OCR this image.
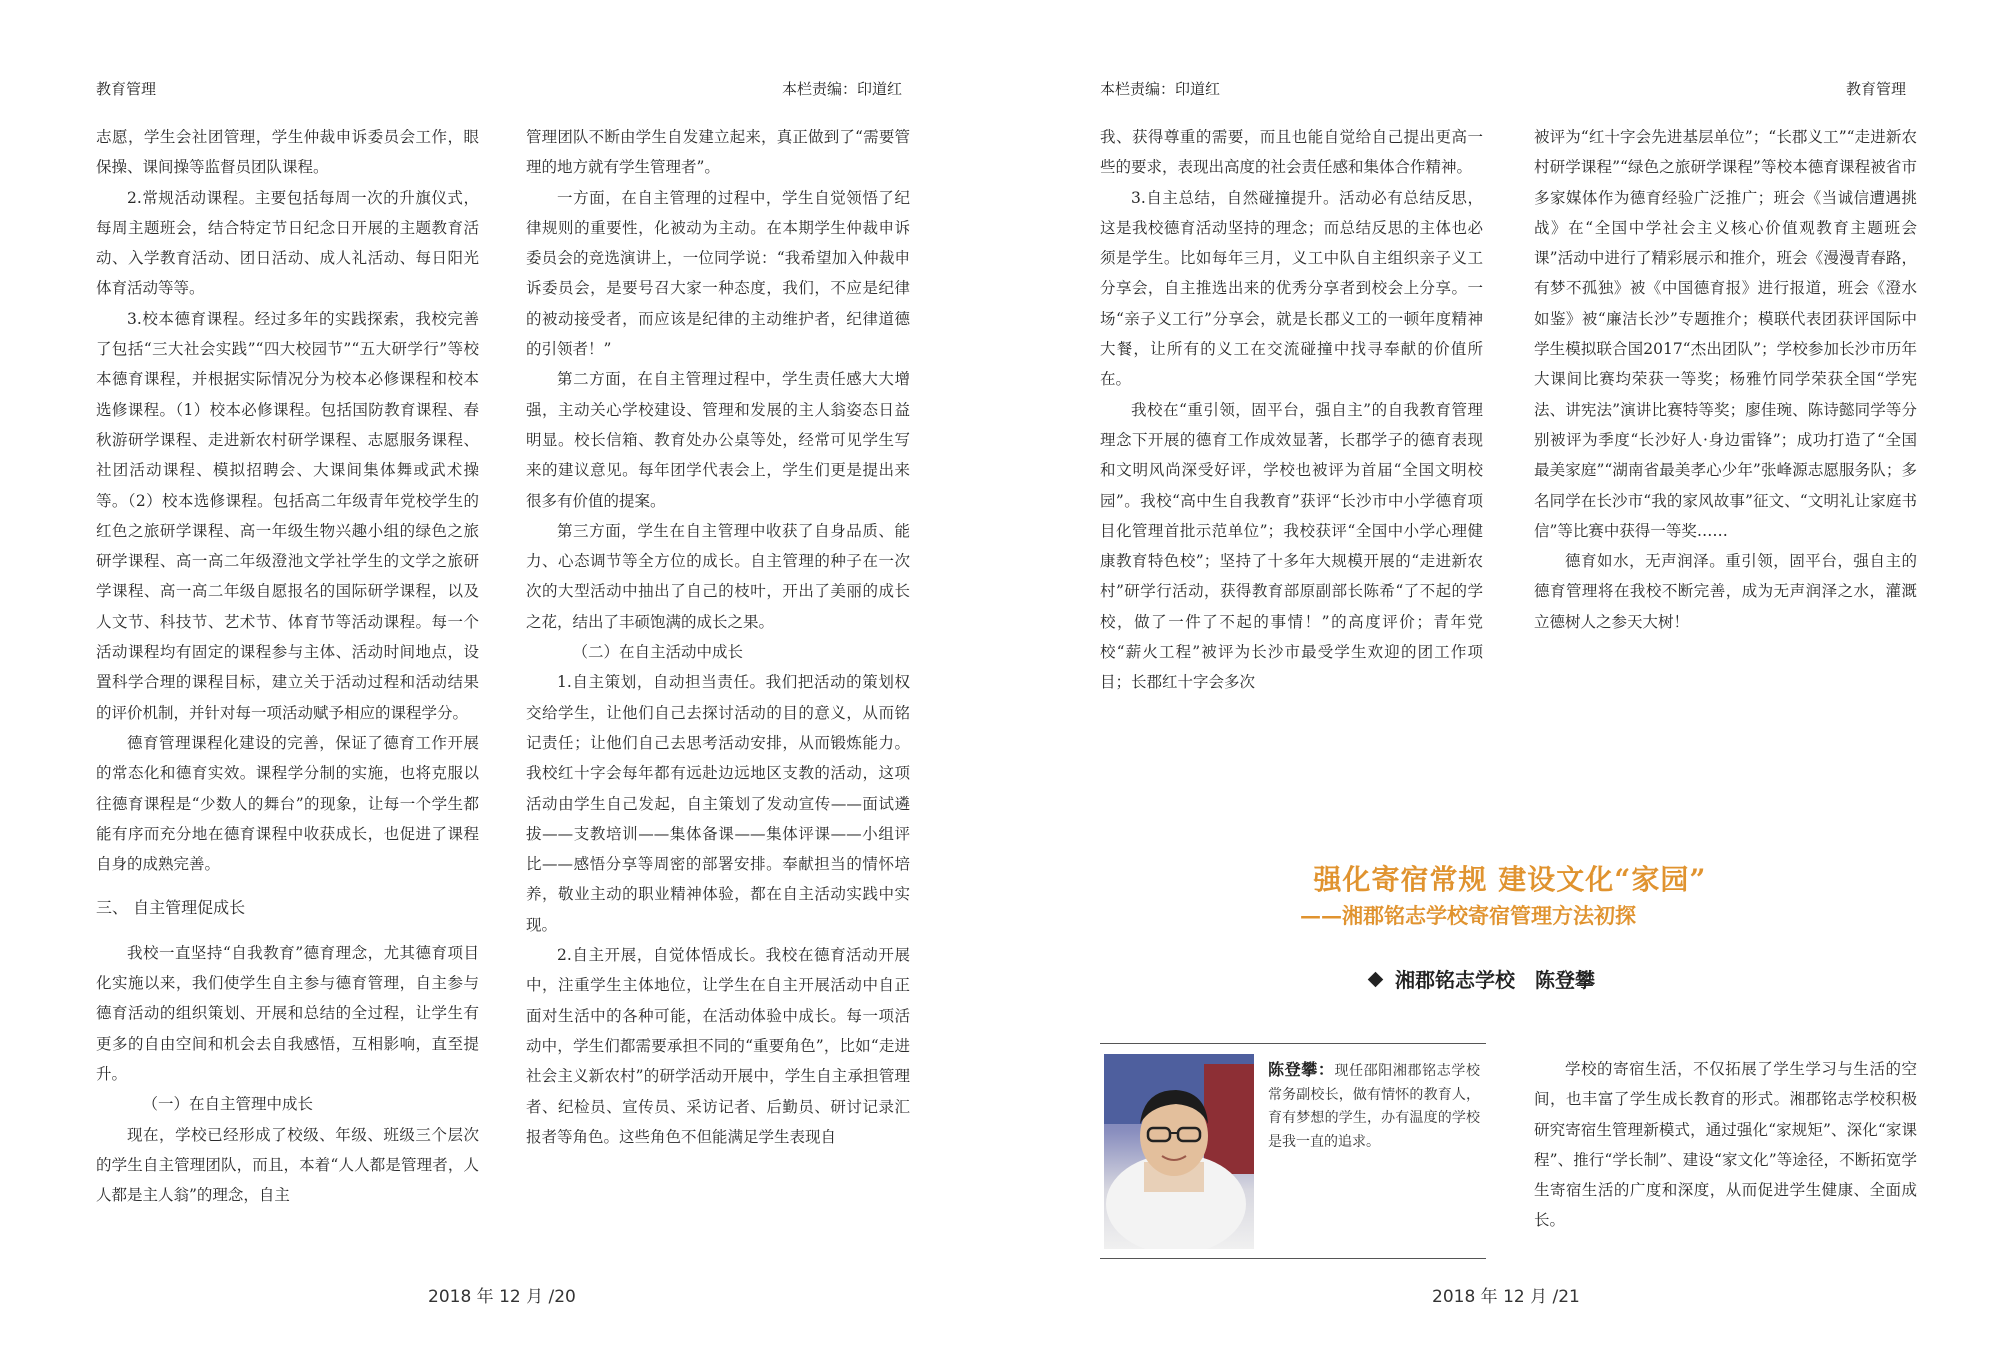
教育管理	本栏责编：印道红	本栏责编：印道红	教育管理

志愿，学生会社团管理，学生仲裁申诉委员会工作，眼保操、课间操等监督员团队课程。

2.常规活动课程。主要包括每周一次的升旗仪式，每周主题班会，结合特定节日纪念日开展的主题教育活动、入学教育活动、团日活动、成人礼活动、每日阳光体育活动等等。

3.校本德育课程。经过多年的实践探索，我校完善了包括“三大社会实践”“四大校园节”“五大研学行”等校本德育课程，并根据实际情况分为校本必修课程和校本选修课程。（1）校本必修课程。包括国防教育课程、春秋游研学课程、走进新农村研学课程、志愿服务课程、社团活动课程、模拟招聘会、大课间集体舞或武术操等。（2）校本选修课程。包括高二年级青年党校学生的红色之旅研学课程、高一年级生物兴趣小组的绿色之旅研学课程、高一高二年级澄池文学社学生的文学之旅研学课程、高一高二年级自愿报名的国际研学课程，以及人文节、科技节、艺术节、体育节等活动课程。每一个活动课程均有固定的课程参与主体、活动时间地点，设置科学合理的课程目标，建立关于活动过程和活动结果的评价机制，并针对每一项活动赋予相应的课程学分。

德育管理课程化建设的完善，保证了德育工作开展的常态化和德育实效。课程学分制的实施，也将克服以往德育课程是“少数人的舞台”的现象，让每一个学生都能有序而充分地在德育课程中收获成长，也促进了课程自身的成熟完善。

三、 自主管理促成长

我校一直坚持“自我教育”德育理念，尤其德育项目化实施以来，我们使学生自主参与德育管理，自主参与德育活动的组织策划、开展和总结的全过程，让学生有更多的自由空间和机会去自我感悟，互相影响，直至提升。

（一）在自主管理中成长

现在，学校已经形成了校级、年级、班级三个层次的学生自主管理团队，而且，本着“人人都是管理者，人人都是主人翁”的理念，自主

管理团队不断由学生自发建立起来，真正做到了“需要管理的地方就有学生管理者”。

一方面，在自主管理的过程中，学生自觉领悟了纪律规则的重要性，化被动为主动。在本期学生仲裁申诉委员会的竞选演讲上，一位同学说：“我希望加入仲裁申诉委员会，是要号召大家一种态度，我们，不应是纪律的被动接受者，而应该是纪律的主动维护者，纪律道德的引领者！”

第二方面，在自主管理过程中，学生责任感大大增强，主动关心学校建设、管理和发展的主人翁姿态日益明显。校长信箱、教育处办公桌等处，经常可见学生写来的建议意见。每年团学代表会上，学生们更是提出来很多有价值的提案。

第三方面，学生在自主管理中收获了自身品质、能力、心态调节等全方位的成长。自主管理的种子在一次次的大型活动中抽出了自己的枝叶，开出了美丽的成长之花，结出了丰硕饱满的成长之果。

（二）在自主活动中成长

1.自主策划，自动担当责任。我们把活动的策划权交给学生，让他们自己去探讨活动的目的意义，从而铭记责任；让他们自己去思考活动安排，从而锻炼能力。我校红十字会每年都有远赴边远地区支教的活动，这项活动由学生自己发起，自主策划了发动宣传——面试遴拔——支教培训——集体备课——集体评课——小组评比——感悟分享等周密的部署安排。奉献担当的情怀培养，敬业主动的职业精神体验，都在自主活动实践中实现。

2.自主开展，自觉体悟成长。我校在德育活动开展中，注重学生主体地位，让学生在自主开展活动中自正面对生活中的各种可能，在活动体验中成长。每一项活动中，学生们都需要承担不同的“重要角色”，比如“走进社会主义新农村”的研学活动开展中，学生自主承担管理者、纪检员、宣传员、采访记者、后勤员、研讨记录汇报者等角色。这些角色不但能满足学生表现自

2018 年 12 月 /20

我、获得尊重的需要，而且也能自觉给自己提出更高一些的要求，表现出高度的社会责任感和集体合作精神。

3.自主总结，自然碰撞提升。活动必有总结反思，这是我校德育活动坚持的理念；而总结反思的主体也必须是学生。比如每年三月，义工中队自主组织亲子义工分享会，自主推选出来的优秀分享者到校会上分享。一场“亲子义工行”分享会，就是长郡义工的一顿年度精神大餐，让所有的义工在交流碰撞中找寻奉献的价值所在。

我校在“重引领，固平台，强自主”的自我教育管理理念下开展的德育工作成效显著，长郡学子的德育表现和文明风尚深受好评，学校也被评为首届“全国文明校园”。我校“高中生自我教育”获评“长沙市中小学德育项目化管理首批示范单位”；我校获评“全国中小学心理健康教育特色校”；坚持了十多年大规模开展的“走进新农村”研学行活动，获得教育部原副部长陈希“了不起的学校，做了一件了不起的事情！”的高度评价；青年党校“薪火工程”被评为长沙市最受学生欢迎的团工作项目；长郡红十字会多次

被评为“红十字会先进基层单位”；“长郡义工”“走进新农村研学课程”“绿色之旅研学课程”等校本德育课程被省市多家媒体作为德育经验广泛推广；班会《当诚信遭遇挑战》在“全国中学社会主义核心价值观教育主题班会课”活动中进行了精彩展示和推介，班会《漫漫青春路，有梦不孤独》被《中国德育报》进行报道，班会《澄水如鉴》被“廉洁长沙”专题推介；模联代表团获评国际中学生模拟联合国2017“杰出团队”；学校参加长沙市历年大课间比赛均荣获一等奖；杨雅竹同学荣获全国“学宪法、讲宪法”演讲比赛特等奖；廖佳琬、陈诗懿同学等分别被评为季度“长沙好人·身边雷锋”；成功打造了“全国最美家庭”“湖南省最美孝心少年”张峰源志愿服务队；多名同学在长沙市“我的家风故事”征文、“文明礼让家庭书信”等比赛中获得一等奖……

德育如水，无声润泽。重引领，固平台，强自主的德育管理将在我校不断完善，成为无声润泽之水，灌溉立德树人之参天大树！

强化寄宿常规 建设文化“家园”
——湘郡铭志学校寄宿管理方法初探
湘郡铭志学校　陈登攀
陈登攀：现任邵阳湘郡铭志学校常务副校长，做有情怀的教育人，育有梦想的学生，办有温度的学校是我一直的追求。

学校的寄宿生活，不仅拓展了学生学习与生活的空间，也丰富了学生成长教育的形式。湘郡铭志学校积极研究寄宿生管理新模式，通过强化“家规矩”、深化“家课程”、推行“学长制”、建设“家文化”等途径，不断拓宽学生寄宿生活的广度和深度，从而促进学生健康、全面成长。

2018 年 12 月 /21
